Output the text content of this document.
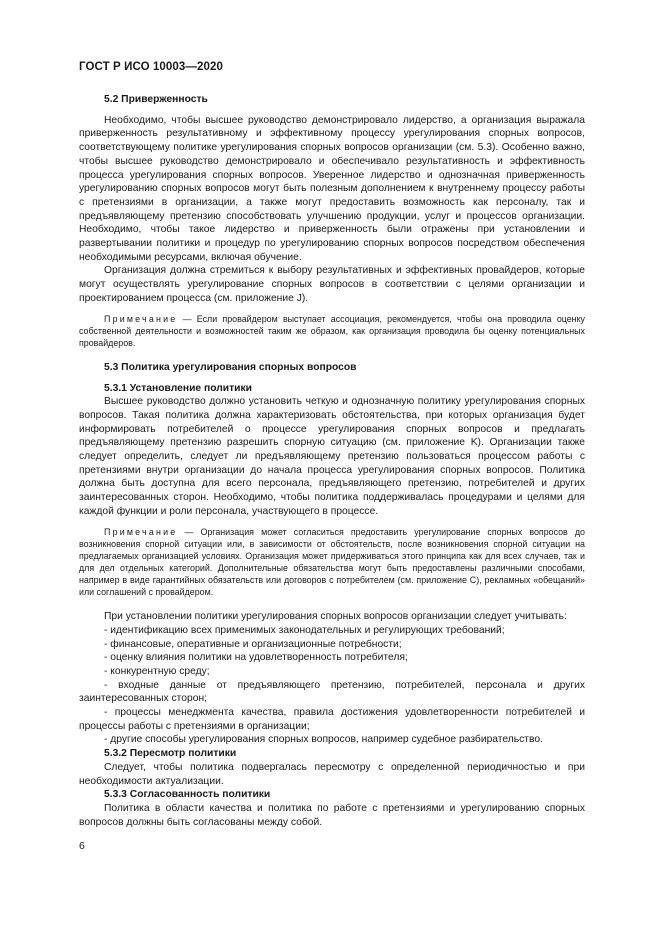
ГОСТ Р ИСО 10003—2020

5.2 Приверженность

Необходимо, чтобы высшее руководство демонстрировало лидерство, а организация выражала приверженность результативному и эффективному процессу урегулирования спорных вопросов, соответствующему политике урегулирования спорных вопросов организации (см. 5.3). Особенно важно, чтобы высшее руководство демонстрировало и обеспечивало результативность и эффективность процесса урегулирования спорных вопросов. Уверенное лидерство и однозначная приверженность урегулированию спорных вопросов могут быть полезным дополнением к внутреннему процессу работы с претензиями в организации, а также могут предоставить возможность как персоналу, так и предъявляющему претензию способствовать улучшению продукции, услуг и процессов организации. Необходимо, чтобы такое лидерство и приверженность были отражены при установлении и развертывании политики и процедур по урегулированию спорных вопросов посредством обеспечения необходимыми ресурсами, включая обучение.

Организация должна стремиться к выбору результативных и эффективных провайдеров, которые могут осуществлять урегулирование спорных вопросов в соответствии с целями организации и проектированием процесса (см. приложение J).

Примечание — Если провайдером выступает ассоциация, рекомендуется, чтобы она проводила оценку собственной деятельности и возможностей таким же образом, как организация проводила бы оценку потенциальных провайдеров.

5.3 Политика урегулирования спорных вопросов

5.3.1 Установление политики

Высшее руководство должно установить четкую и однозначную политику урегулирования спорных вопросов. Такая политика должна характеризовать обстоятельства, при которых организация будет информировать потребителей о процессе урегулирования спорных вопросов и предлагать предъявляющему претензию разрешить спорную ситуацию (см. приложение K). Организации также следует определить, следует ли предъявляющему претензию пользоваться процессом работы с претензиями внутри организации до начала процесса урегулирования спорных вопросов. Политика должна быть доступна для всего персонала, предъявляющего претензию, потребителей и других заинтересованных сторон. Необходимо, чтобы политика поддерживалась процедурами и целями для каждой функции и роли персонала, участвующего в процессе.

Примечание — Организация может согласиться предоставить урегулирование спорных вопросов до возникновения спорной ситуации или, в зависимости от обстоятельств, после возникновения спорной ситуации на предлагаемых организацией условиях. Организация может придерживаться этого принципа как для всех случаев, так и для дел отдельных категорий. Дополнительные обязательства могут быть предоставлены различными способами, например в виде гарантийных обязательств или договоров с потребителем (см. приложение C), рекламных «обещаний» или соглашений с провайдером.

При установлении политики урегулирования спорных вопросов организации следует учитывать:

- идентификацию всех применимых законодательных и регулирующих требований;

- финансовые, оперативные и организационные потребности;

- оценку влияния политики на удовлетворенность потребителя;

- конкурентную среду;

- входные данные от предъявляющего претензию, потребителей, персонала и других заинтересованных сторон;

- процессы менеджмента качества, правила достижения удовлетворенности потребителей и процессы работы с претензиями в организации;

- другие способы урегулирования спорных вопросов, например судебное разбирательство.

5.3.2 Пересмотр политики

Следует, чтобы политика подвергалась пересмотру с определенной периодичностью и при необходимости актуализации.

5.3.3 Согласованность политики

Политика в области качества и политика по работе с претензиями и урегулированию спорных вопросов должны быть согласованы между собой.

6
